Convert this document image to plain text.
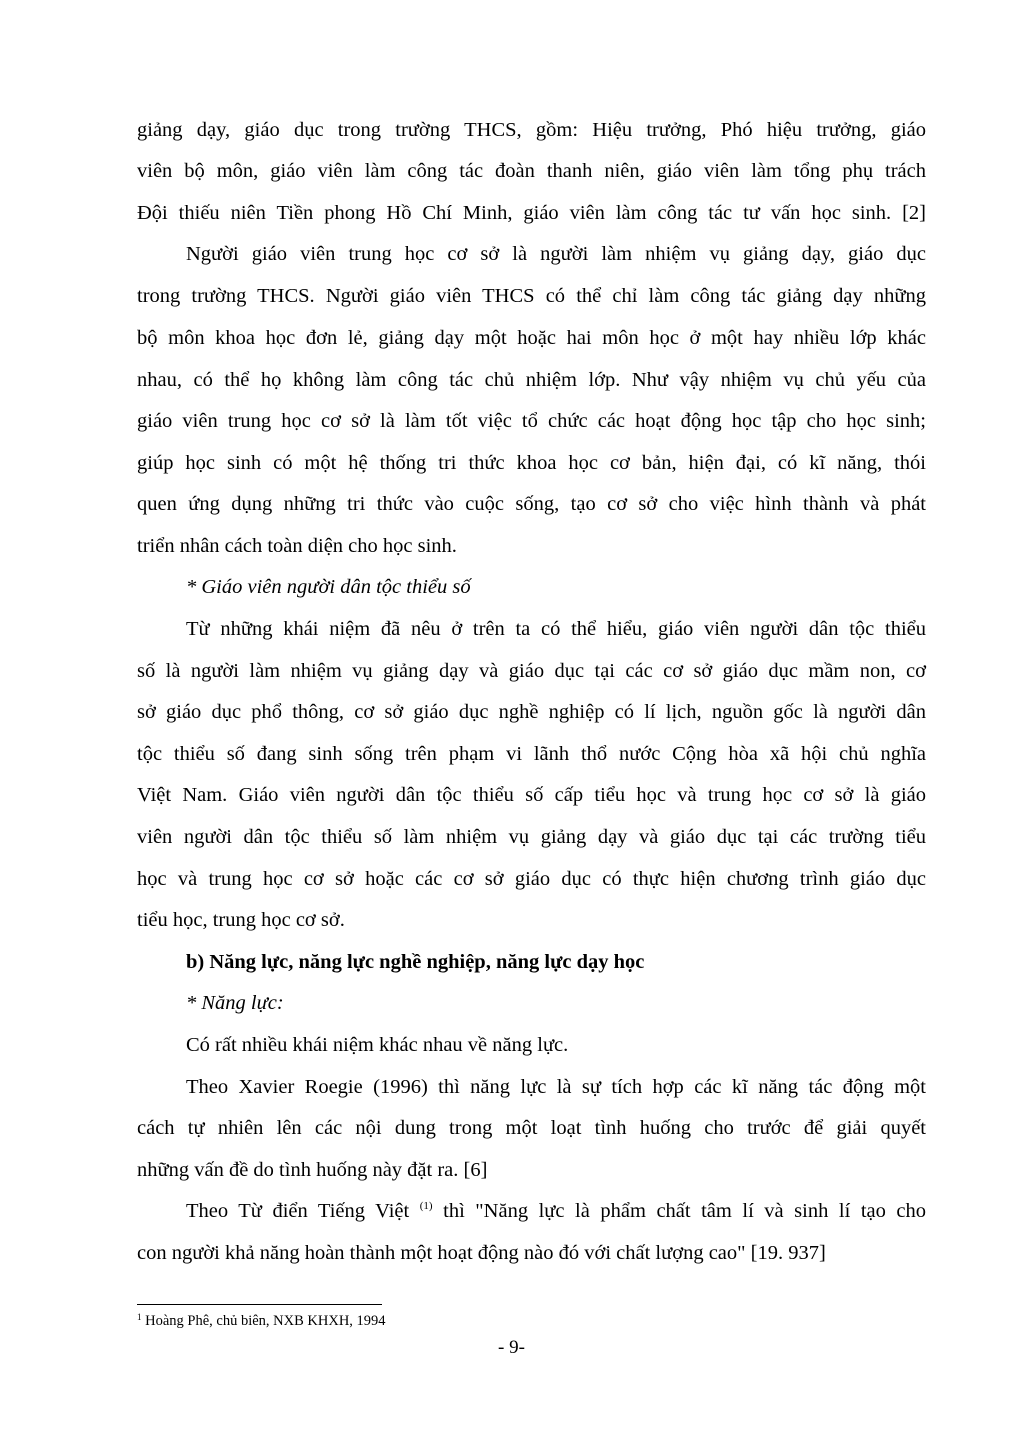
giảng dạy, giáo dục trong trường THCS, gồm: Hiệu trưởng, Phó hiệu trưởng, giáo
viên bộ môn, giáo viên làm công tác đoàn thanh niên, giáo viên làm tổng phụ trách
Đội thiếu niên Tiền phong Hồ Chí Minh, giáo viên làm công tác tư vấn học sinh. [2]
Người giáo viên trung học cơ sở là người làm nhiệm vụ giảng dạy, giáo dục
trong trường THCS. Người giáo viên THCS có thể chỉ làm công tác giảng dạy những
bộ môn khoa học đơn lẻ, giảng dạy một hoặc hai môn học ở một hay nhiều lớp khác
nhau, có thể họ không làm công tác chủ nhiệm lớp. Như vậy nhiệm vụ chủ yếu của
giáo viên trung học cơ sở là làm tốt việc tổ chức các hoạt động học tập cho học sinh;
giúp học sinh có một hệ thống tri thức khoa học cơ bản, hiện đại, có kĩ năng, thói
quen ứng dụng những tri thức vào cuộc sống, tạo cơ sở cho việc hình thành và phát
triển nhân cách toàn diện cho học sinh.
* Giáo viên người dân tộc thiểu số
Từ những khái niệm đã nêu ở trên ta có thể hiểu, giáo viên người dân tộc thiểu
số là người làm nhiệm vụ giảng dạy và giáo dục tại các cơ sở giáo dục mầm non, cơ
sở giáo dục phổ thông, cơ sở giáo dục nghề nghiệp có lí lịch, nguồn gốc là người dân
tộc thiểu số đang sinh sống trên phạm vi lãnh thổ nước Cộng hòa xã hội chủ nghĩa
Việt Nam. Giáo viên người dân tộc thiểu số cấp tiểu học và trung học cơ sở là giáo
viên người dân tộc thiểu số làm nhiệm vụ giảng dạy và giáo dục tại các trường tiểu
học và trung học cơ sở hoặc các cơ sở giáo dục có thực hiện chương trình giáo dục
tiểu học, trung học cơ sở.
b) Năng lực, năng lực nghề nghiệp, năng lực dạy học
* Năng lực:
Có rất nhiều khái niệm khác nhau về năng lực.
Theo Xavier Roegie (1996) thì năng lực là sự tích hợp các kĩ năng tác động một
cách tự nhiên lên các nội dung trong một loạt tình huống cho trước để giải quyết
những vấn đề do tình huống này đặt ra. [6]
Theo Từ điển Tiếng Việt $^{(1)}$ thì "Năng lực là phẩm chất tâm lí và sinh lí tạo cho
con người khả năng hoàn thành một hoạt động nào đó với chất lượng cao" [19. 937]
$^1$ Hoàng Phê, chủ biên, NXB KHXH, 1994
- 9-
